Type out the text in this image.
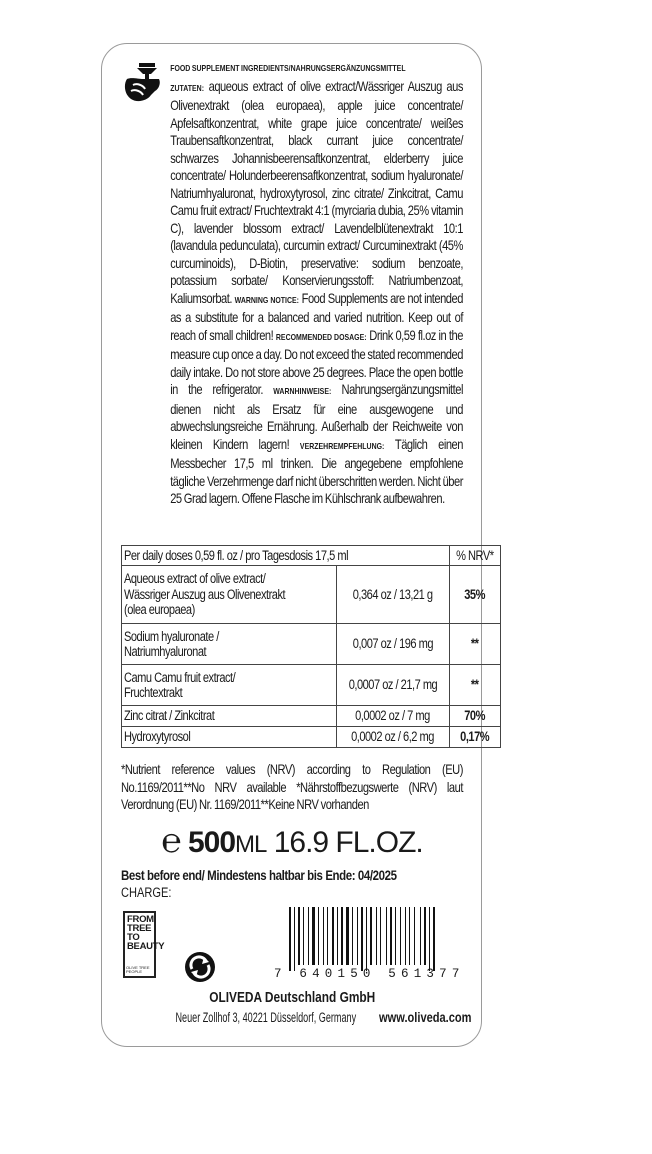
FOOD SUPPLEMENT INGREDIENTS/NAHRUNGSERGÄNZUNGSMITTEL
ZUTATEN: aqueous extract of olive extract/Wässriger Auszug aus Olivenextrakt (olea europaea), apple juice concentrate/ Apfelsaftkonzentrat, white grape juice concentrate/ weißes Traubensaftkonzentrat, black currant juice concentrate/ schwarzes Johannisbeerensaftkonzentrat, elderberry juice concentrate/ Holunderbeerensaftkonzentrat, sodium hyaluronate/ Natriumhyaluronat, hydroxytyrosol, zinc citrate/ Zinkcitrat, Camu Camu fruit extract/ Fruchtextrakt 4:1 (myrciaria dubia, 25% vitamin C), lavender blossom extract/ Lavendelblütenextrakt 10:1 (lavandula pedunculata), curcumin extract/ Curcuminextrakt (45% curcuminoids), D-Biotin, preservative: sodium benzoate, potassium sorbate/ Konservierungsstoff: Natriumbenzoat, Kaliumsorbat. WARNING NOTICE: Food Supplements are not intended as a substitute for a balanced and varied nutrition. Keep out of reach of small children! RECOMMENDED DOSAGE: Drink 0,59 fl.oz in the measure cup once a day. Do not exceed the stated recommended daily intake. Do not store above 25 degrees. Place the open bottle in the refrigerator. WARNHINWEISE: Nahrungsergänzungsmittel dienen nicht als Ersatz für eine ausgewogene und abwechslungsreiche Ernährung. Außerhalb der Reichweite von kleinen Kindern lagern! VERZEHREMPFEHLUNG: Täglich einen Messbecher 17,5 ml trinken. Die angegebene empfohlene tägliche Verzehrmenge darf nicht überschritten werden. Nicht über 25 Grad lagern. Offene Flasche im Kühlschrank aufbewahren.
Per daily doses 0,59 fl. oz / pro Tagesdosis 17,5 ml		% NRV*

Aqueous extract of olive extract/ Wässriger Auszug aus Olivenextrakt (olea europaea)	0,364 oz / 13,21 g	35%

Sodium hyaluronate / Natriumhyaluronat	0,007 oz / 196 mg	**

Camu Camu fruit extract/ Fruchtextrakt	0,0007 oz / 21,7 mg	**
Zinc citrat / Zinkcitrat	0,0002 oz / 7 mg	70%
Hydroxytyrosol	0,0002 oz / 6,2 mg	0,17%
*Nutrient reference values (NRV) according to Regulation (EU) No.1169/2011**No NRV available *Nährstoffbezugswerte (NRV) laut Verordnung (EU) Nr. 1169/2011**Keine NRV vorhanden
℮ 500ML 16.9 FL.OZ.
Best before end/ Mindestens haltbar bis Ende: 04/2025
CHARGE:
FROM TREE TO BEAUTY
OLIVE TREE PEOPLE	7 640150 561377
OLIVEDA Deutschland GmbH
Neuer Zollhof 3, 40221 Düsseldorf, Germany www.oliveda.com
